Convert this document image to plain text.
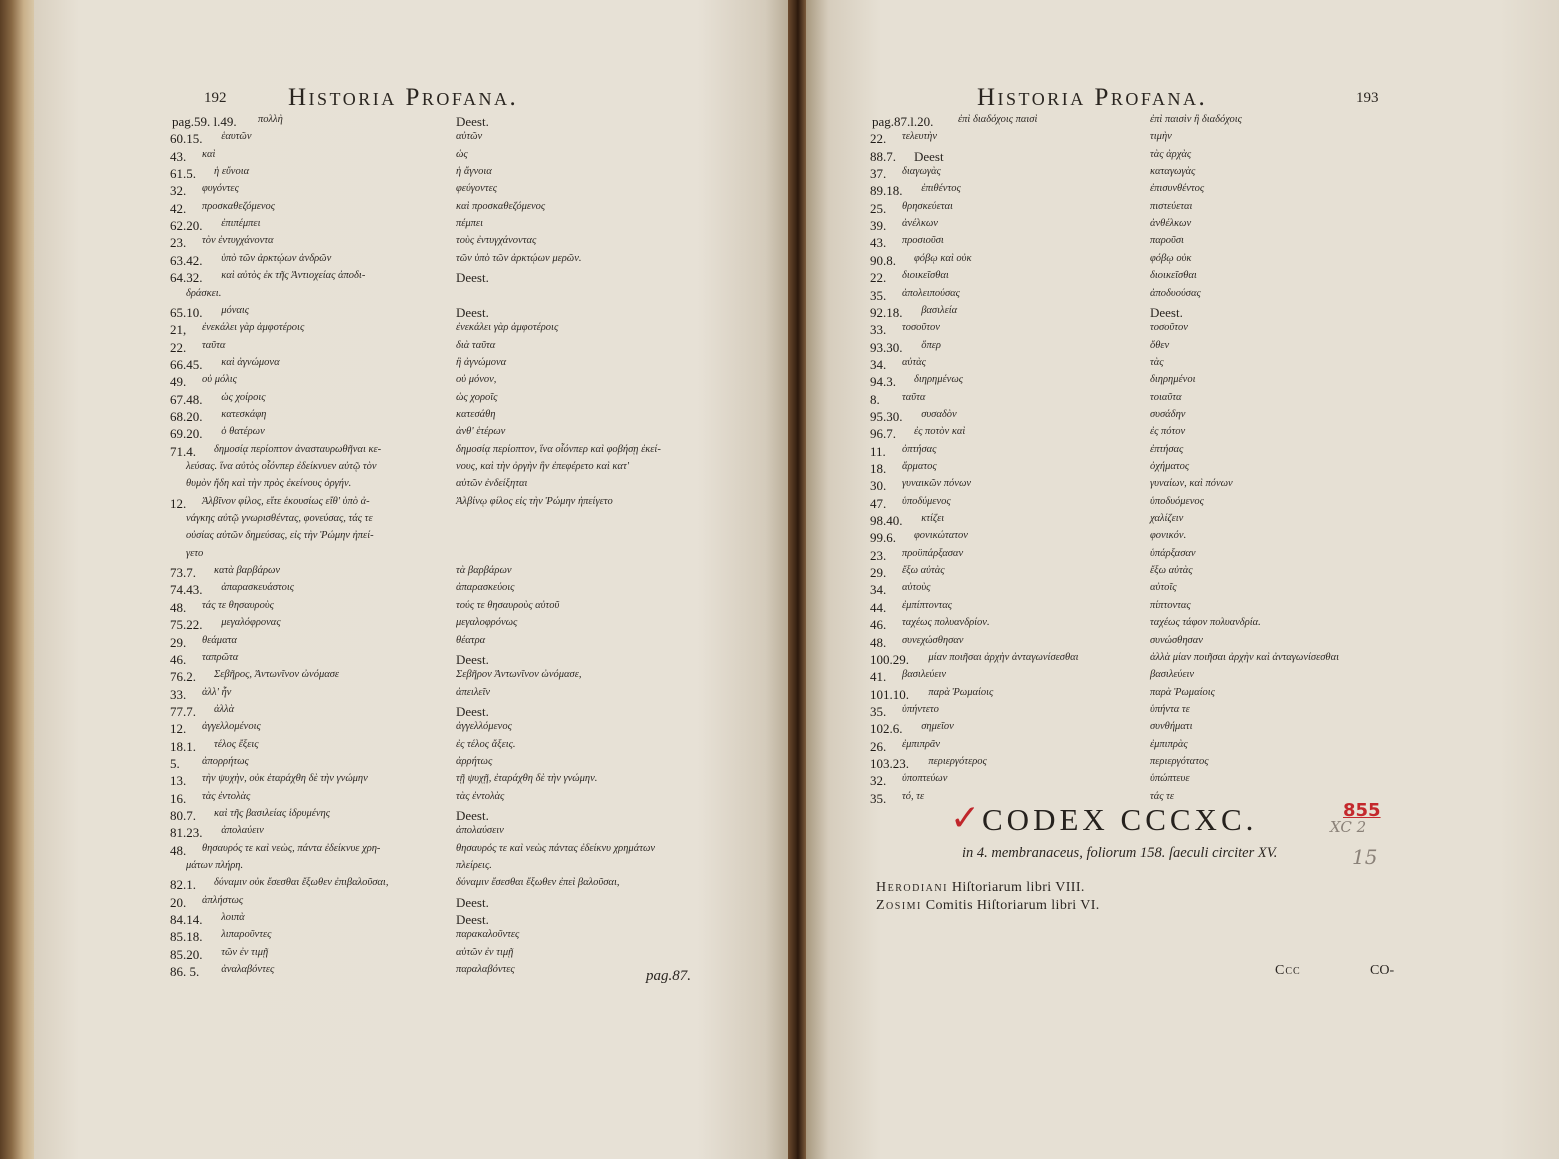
192 Historia Profana.
pag.59. l.49. πολλὴ	Deest.
60.15. ἑαυτῶν	αὐτῶν
43. καὶ	ὡς
61.5. ἡ εὔνοια	ἡ ἄγνοια
32. φυγόντες	φεύγοντες
42. προσκαθεζόμενος	καὶ προσκαθεζόμενος
62.20. ἐπιπέμπει	πέμπει
23. τὸν ἐντυγχάνοντα	τοὺς ἐντυγχάνοντας
63.42. ὑπὸ τῶν ἀρκτῴων ἀνδρῶν	τῶν ὑπὸ τῶν ἀρκτῴων μερῶν.
64.32. καὶ αὐτὸς ἐκ τῆς Ἀντιοχείας ἀποδι-	Deest.
δράσκει.
65.10. μόναις	Deest.
21, ἐνεκάλει γὰρ ἀμφοτέροις	ἐνεκάλει γὰρ ἀμφοτέροις
22. ταῦτα	διὰ ταῦτα
66.45. καὶ ἀγνώμονα	ἢ ἀγνώμονα
49. οὐ μόλις	οὐ μόνον,
67.48. ὡς χοίροις	ὡς χοροῖς
68.20. κατεσκάφη	κατεσάθη
69.20. ὁ θατέρων	ἀνθ' ἑτέρων
71.4. δημοσίᾳ περίοπτον ἀνασταυρωθῆναι κε-	δημοσίᾳ περίοπτον, ἵνα οἷόνπερ καὶ φοβήσῃ ἐκεί-
λεύσας. ἵνα αὐτὸς οἷόνπερ ἐδείκνυεν αὐτῷ τὸν	νους, καὶ τὴν ὀργὴν ἣν ἐπεφέρετο καὶ κατ'
θυμὸν ἤδη καὶ τὴν πρὸς ἐκείνους ὀργήν.	αὐτῶν ἐνδείξηται
12. Ἀλβῖνον φίλος, εἴτε ἑκουσίως εἴθ' ὑπὸ ἀ-	Ἀλβίνῳ φίλος εἰς τὴν Ῥώμην ἠπείγετο
νάγκης αὐτῷ γνωρισθέντας, φονεύσας, τάς τε
οὐσίας αὐτῶν δημεύσας, εἰς τὴν Ῥώμην ἠπεί-
γετο
73.7. κατὰ βαρβάρων	τὰ βαρβάρων
74.43. ἀπαρασκευάστοις	ἀπαρασκεύοις
48. τάς τε θησαυροὺς	τούς τε θησαυροὺς αὐτοῦ
75.22. μεγαλόφρονας	μεγαλοφρόνως
29. θεάματα	θέατρα
46. ταπρῶτα	Deest.
76.2. Σεβῆρος, Ἀντωνῖνον ὠνόμασε	Σεβῆρον Ἀντωνῖνον ὠνόμασε,
33. ἀλλ' ἦν	ἀπειλεῖν
77.7. ἀλλὰ	Deest.
12. ἀγγελλομένοις	ἀγγελλόμενος
18.1. τέλος ἔξεις	ἐς τέλος ἄξεις.
5. ἀπορρήτως	ἀρρήτως
13. τὴν ψυχὴν, οὐκ ἐταράχθη δὲ τὴν γνώμην	τῇ ψυχῇ, ἐταράχθη δὲ τὴν γνώμην.
16. τὰς ἐντολὰς	τὰς ἐντολὰς
80.7. καὶ τῆς βασιλείας ἱδρυμένης	Deest.
81.23. ἀπολαύειν	ἀπολαύσειν
48. θησαυρός τε καὶ νεὼς, πάντα ἐδείκνυε χρη-	θησαυρός τε καὶ νεὼς πάντας ἐδείκνυ χρημάτων
μάτων πλήρη.	πλείρεις.
82.1. δύναμιν οὐκ ἔσεσθαι ἔξωθεν ἐπιβαλοῦσαι,	δύναμιν ἔσεσθαι ἔξωθεν ἐπεὶ βαλοῦσαι,
20. ἀπλήστως	Deest.
84.14. λοιπὰ	Deest.
85.18. λιπαροῦντες	παρακαλοῦντες
85.20. τῶν ἐν τιμῇ	αὐτῶν ἐν τιμῇ
86. 5. ἀναλαβόντες	παραλαβόντες	pag.87.
Historia Profana.	193
pag.87.l.20. ἐπὶ διαδόχοις παισὶ	ἐπὶ παισὶν ἢ διαδόχοις
22. τελευτὴν	τιμὴν
88.7. Deest	τὰς ἀρχὰς
37. διαγωγὰς	καταγωγὰς
89.18. ἐπιθέντος	ἐπισυνθέντος
25. θρησκεύεται	πιστεύεται
39. ἀνέλκων	ἀνθέλκων
43. προσιοῦσι	παροῦσι
90.8. φόβῳ καὶ οὐκ	φόβῳ οὐκ
22. διοικεῖσθαι	διοικεῖσθαι
35. ἀπολειπούσας	ἀποδυούσας
92.18. βασιλεία	Deest.
33. τοσοῦτον	τοσοῦτον
93.30. ὅπερ	ὅθεν
34. αὐτὰς	τὰς
94.3. διηρημένως	διηρημένοι
8. ταῦτα	τοιαῦτα
95.30. συσαδὸν	συσάδην
96.7. ἐς ποτὸν καὶ	ἐς πότον
11. ὀπτήσας	ἐπτήσας
18. ἅρματος	ὀχήματος
30. γυναικῶν πόνων	γυναίων, καὶ πόνων
47. ὑποδύμενος	ὑποδυόμενος
98.40. κτίζει	χαλίζειν
99.6. φονικώτατον	φονικόν.
23. προϋπάρξασαν	ὑπάρξασαν
29. ἔξω αὐτὰς	ἔξω αὐτὰς
34. αὐτοὺς	αὐτοῖς
44. ἐμπίπτοντας	πίπτοντας
46. ταχέως πολυανδρίον.	ταχέως τάφον πολυανδρία.
48. συνεχώσθησαν	συνώσθησαν
100.29. μίαν ποιῆσαι ἀρχὴν ἀνταγωνίσεσθαι	ἀλλὰ μίαν ποιῆσαι ἀρχὴν καὶ ἀνταγωνίσεσθαι
41. βασιλεύειν	βασιλεύειν
101.10. παρὰ Ῥωμαίοις	παρὰ Ῥωμαίοις
35. ὑπήντετο	ὑπήντα τε
102.6. σημεῖον	συνθήματι
26. ἐμπιπρᾶν	ἐμπιπρὰς
103.23. περιεργότερος	περιεργότατος
32. ὑποπτεύων	ὑπώπτευε
35. τό, τε	τάς τε
✓ CODEX CCCXC.	855
XC 2
in 4. membranaceus, foliorum 158. ſaeculi circiter XV.	15
Herodiani Hiſtoriarum libri VIII.
Zosimi Comitis Hiſtoriarum libri VI.
Ccc	CO-
